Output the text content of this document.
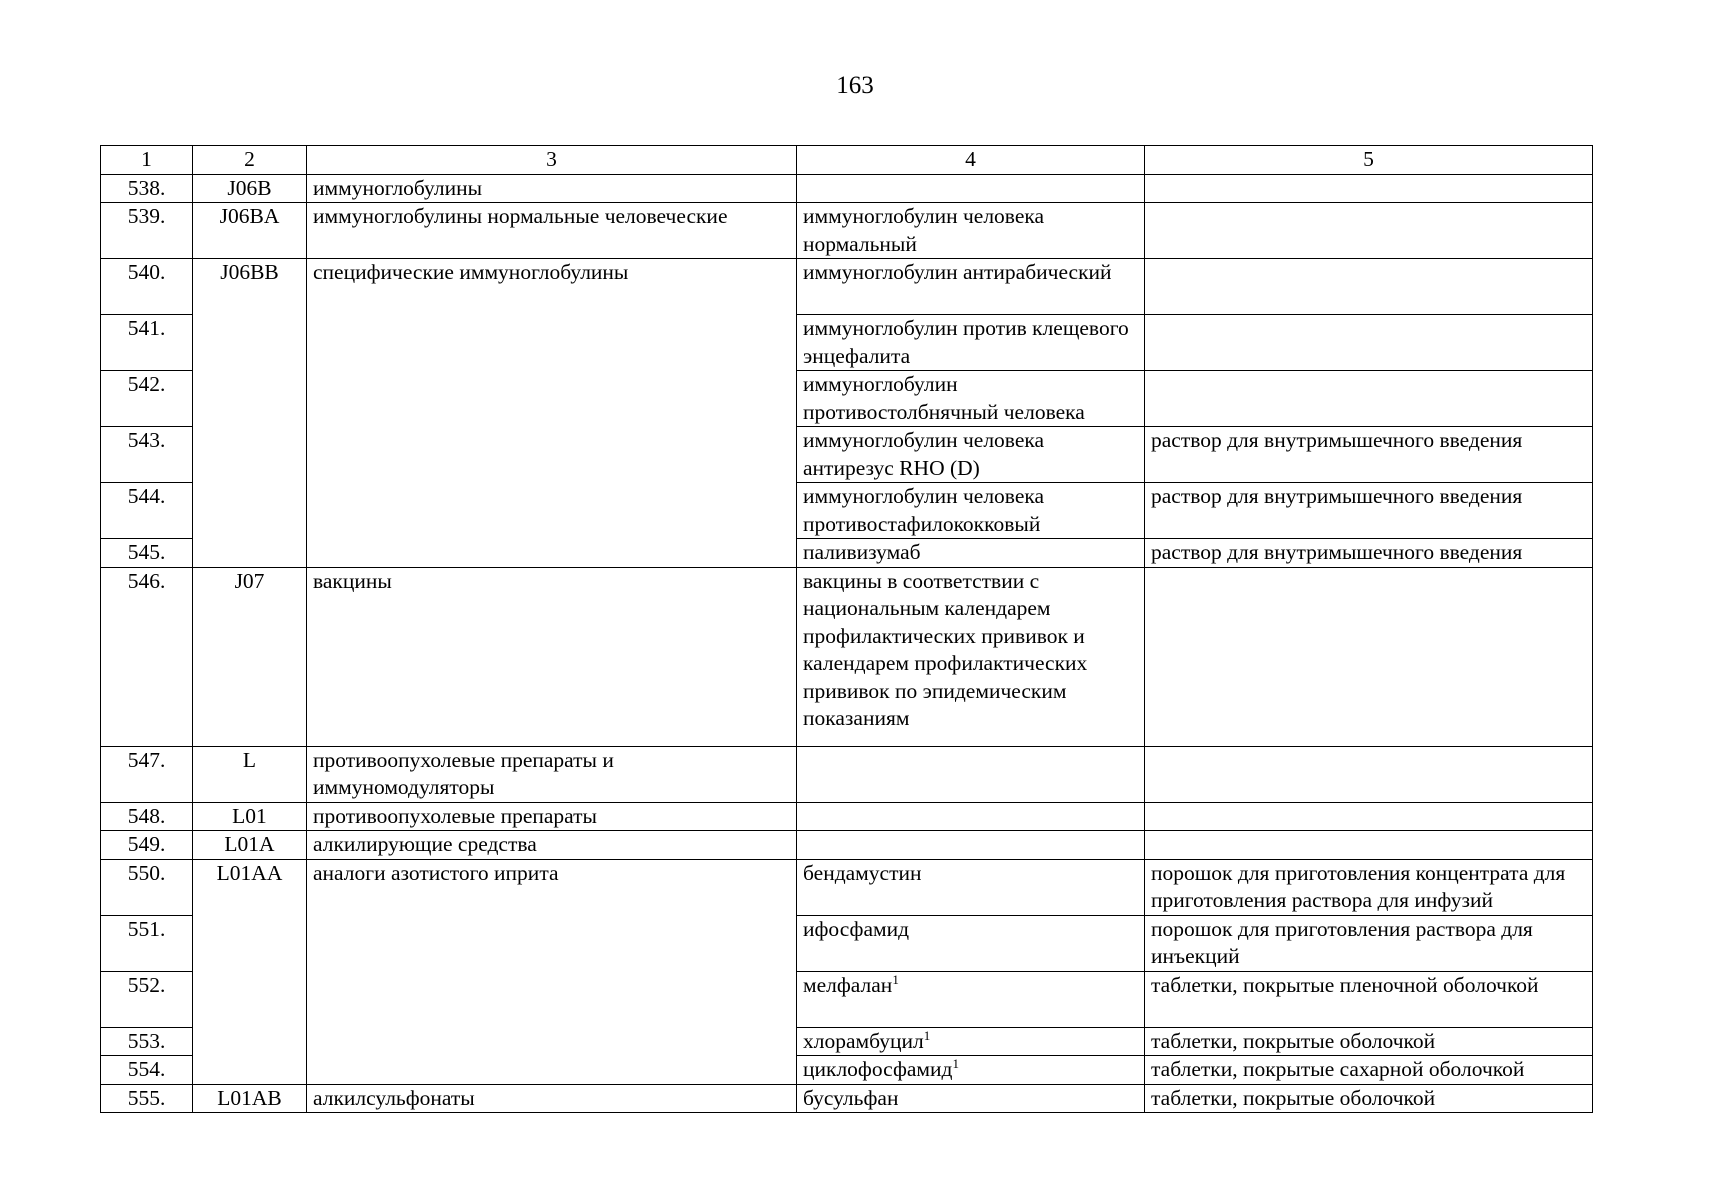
163
1	2	3	4	5
538.	J06B	иммуноглобулины		
539.	J06BA	иммуноглобулины нормальные человеческие	иммуноглобулин человека нормальный	
540.	J06BB	специфические иммуноглобулины	иммуноглобулин антирабический	
541.			иммуноглобулин против клещевого энцефалита	
542.			иммуноглобулин противостолбнячный человека	
543.			иммуноглобулин человека антирезус RHO (D)	раствор для внутримышечного введения
544.			иммуноглобулин человека противостафилококковый	раствор для внутримышечного введения
545.			паливизумаб	раствор для внутримышечного введения
546.	J07	вакцины	вакцины в соответствии с национальным календарем профилактических прививок и календарем профилактических прививок по эпидемическим показаниям	
547.	L	противоопухолевые препараты и иммуномодуляторы		
548.	L01	противоопухолевые препараты		
549.	L01A	алкилирующие средства		
550.	L01AA	аналоги азотистого иприта	бендамустин	порошок для приготовления концентрата для приготовления раствора для инфузий
551.			ифосфамид	порошок для приготовления раствора для инъекций
552.			мелфалан$^1$	таблетки, покрытые пленочной оболочкой
553.			хлорамбуцил$^1$	таблетки, покрытые оболочкой
554.			циклофосфамид$^1$	таблетки, покрытые сахарной оболочкой
555.	L01AB	алкилсульфонаты	бусульфан	таблетки, покрытые оболочкой
